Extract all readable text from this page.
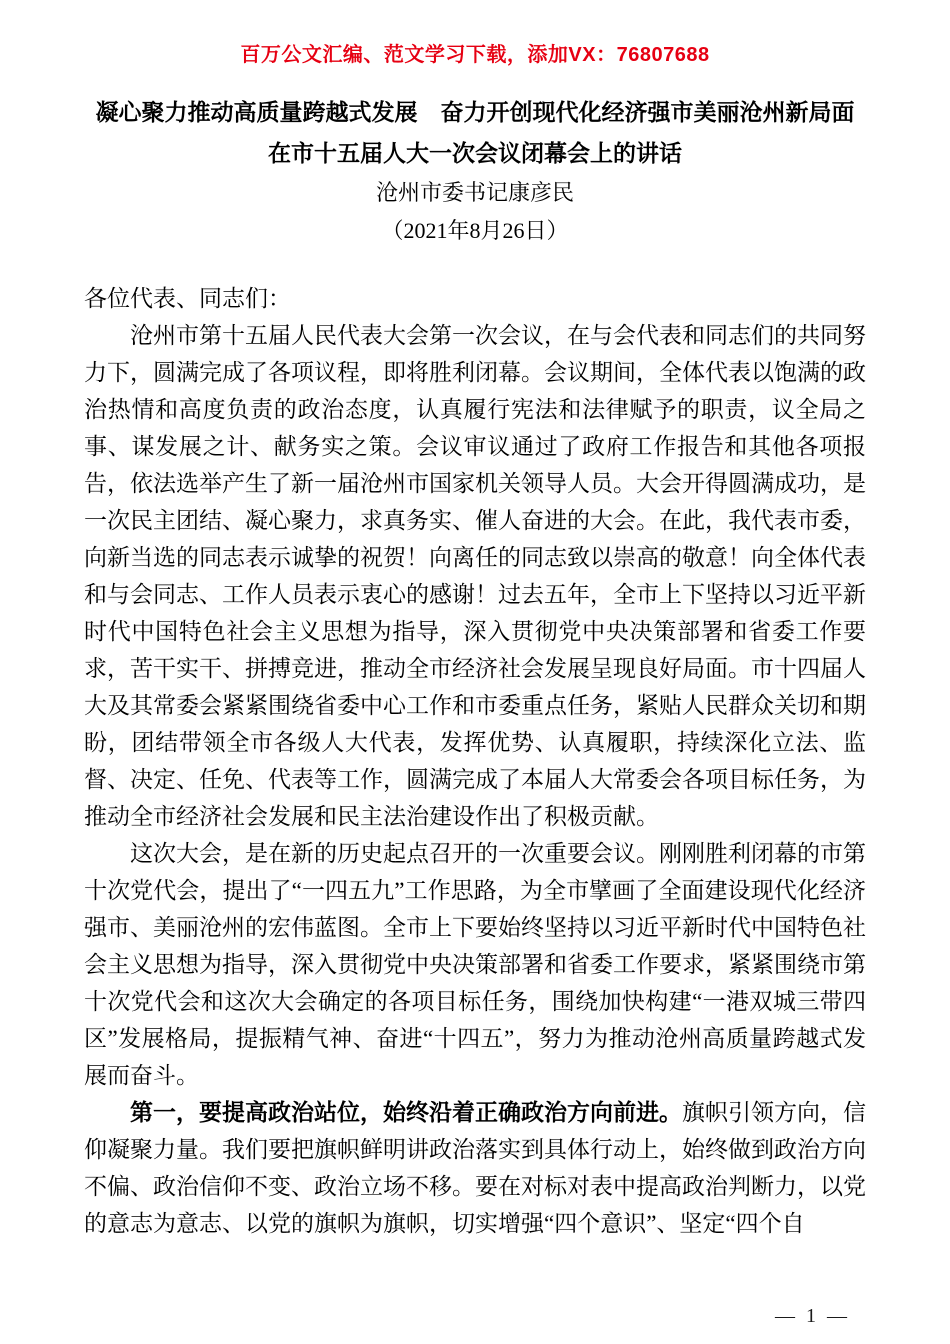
百万公文汇编、范文学习下载，添加VX：76807688
凝心聚力推动高质量跨越式发展　奋力开创现代化经济强市美丽沧州新局面
在市十五届人大一次会议闭幕会上的讲话
沧州市委书记康彦民
（2021年8月26日）

各位代表、同志们：

沧州市第十五届人民代表大会第一次会议，在与会代表和同志们的共同努力下，圆满完成了各项议程，即将胜利闭幕。会议期间，全体代表以饱满的政治热情和高度负责的政治态度，认真履行宪法和法律赋予的职责，议全局之事、谋发展之计、献务实之策。会议审议通过了政府工作报告和其他各项报告，依法选举产生了新一届沧州市国家机关领导人员。大会开得圆满成功，是一次民主团结、凝心聚力，求真务实、催人奋进的大会。在此，我代表市委，向新当选的同志表示诚挚的祝贺！向离任的同志致以崇高的敬意！向全体代表和与会同志、工作人员表示衷心的感谢！过去五年，全市上下坚持以习近平新时代中国特色社会主义思想为指导，深入贯彻党中央决策部署和省委工作要求，苦干实干、拼搏竞进，推动全市经济社会发展呈现良好局面。市十四届人大及其常委会紧紧围绕省委中心工作和市委重点任务，紧贴人民群众关切和期盼，团结带领全市各级人大代表，发挥优势、认真履职，持续深化立法、监督、决定、任免、代表等工作，圆满完成了本届人大常委会各项目标任务，为推动全市经济社会发展和民主法治建设作出了积极贡献。

这次大会，是在新的历史起点召开的一次重要会议。刚刚胜利闭幕的市第十次党代会，提出了“一四五九”工作思路，为全市擘画了全面建设现代化经济强市、美丽沧州的宏伟蓝图。全市上下要始终坚持以习近平新时代中国特色社会主义思想为指导，深入贯彻党中央决策部署和省委工作要求，紧紧围绕市第十次党代会和这次大会确定的各项目标任务，围绕加快构建“一港双城三带四区”发展格局，提振精气神、奋进“十四五”，努力为推动沧州高质量跨越式发展而奋斗。

第一，要提高政治站位，始终沿着正确政治方向前进。旗帜引领方向，信仰凝聚力量。我们要把旗帜鲜明讲政治落实到具体行动上，始终做到政治方向不偏、政治信仰不变、政治立场不移。要在对标对表中提高政治判断力，以党的意志为意志、以党的旗帜为旗帜，切实增强“四个意识”、坚定“四个自

— 1 —
